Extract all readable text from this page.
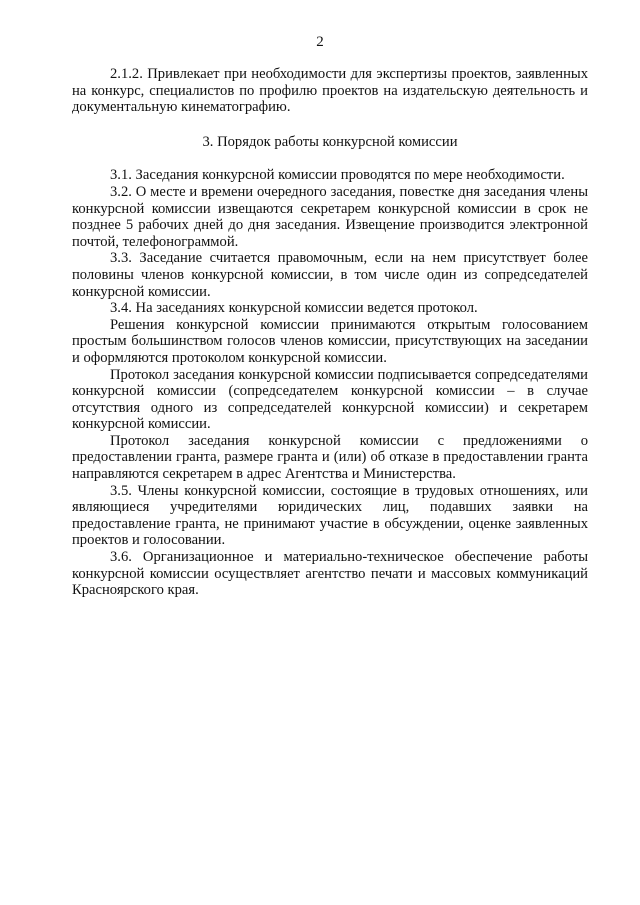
2

2.1.2. Привлекает при необходимости для экспертизы проектов, заявленных на конкурс, специалистов по профилю проектов на издательскую деятельность и документальную кинематографию.

3. Порядок работы конкурсной комиссии

3.1. Заседания конкурсной комиссии проводятся по мере необходимости.

3.2. О месте и времени очередного заседания, повестке дня заседания члены конкурсной комиссии извещаются секретарем конкурсной комиссии в срок не позднее 5 рабочих дней до дня заседания. Извещение производится электронной почтой, телефонограммой.

3.3. Заседание считается правомочным, если на нем присутствует более половины членов конкурсной комиссии, в том числе один из сопредседателей конкурсной комиссии.

3.4. На заседаниях конкурсной комиссии ведется протокол.

Решения конкурсной комиссии принимаются открытым голосованием простым большинством голосов членов комиссии, присутствующих на заседании и оформляются протоколом конкурсной комиссии.

Протокол заседания конкурсной комиссии подписывается сопредседателями конкурсной комиссии (сопредседателем конкурсной комиссии – в случае отсутствия одного из сопредседателей конкурсной комиссии) и секретарем конкурсной комиссии.

Протокол заседания конкурсной комиссии с предложениями о предоставлении гранта, размере гранта и (или) об отказе в предоставлении гранта направляются секретарем в адрес Агентства и Министерства.

3.5. Члены конкурсной комиссии, состоящие в трудовых отношениях, или являющиеся учредителями юридических лиц, подавших заявки на предоставление гранта, не принимают участие в обсуждении, оценке заявленных проектов и голосовании.

3.6. Организационное и материально-техническое обеспечение работы конкурсной комиссии осуществляет агентство печати и массовых коммуникаций Красноярского края.
